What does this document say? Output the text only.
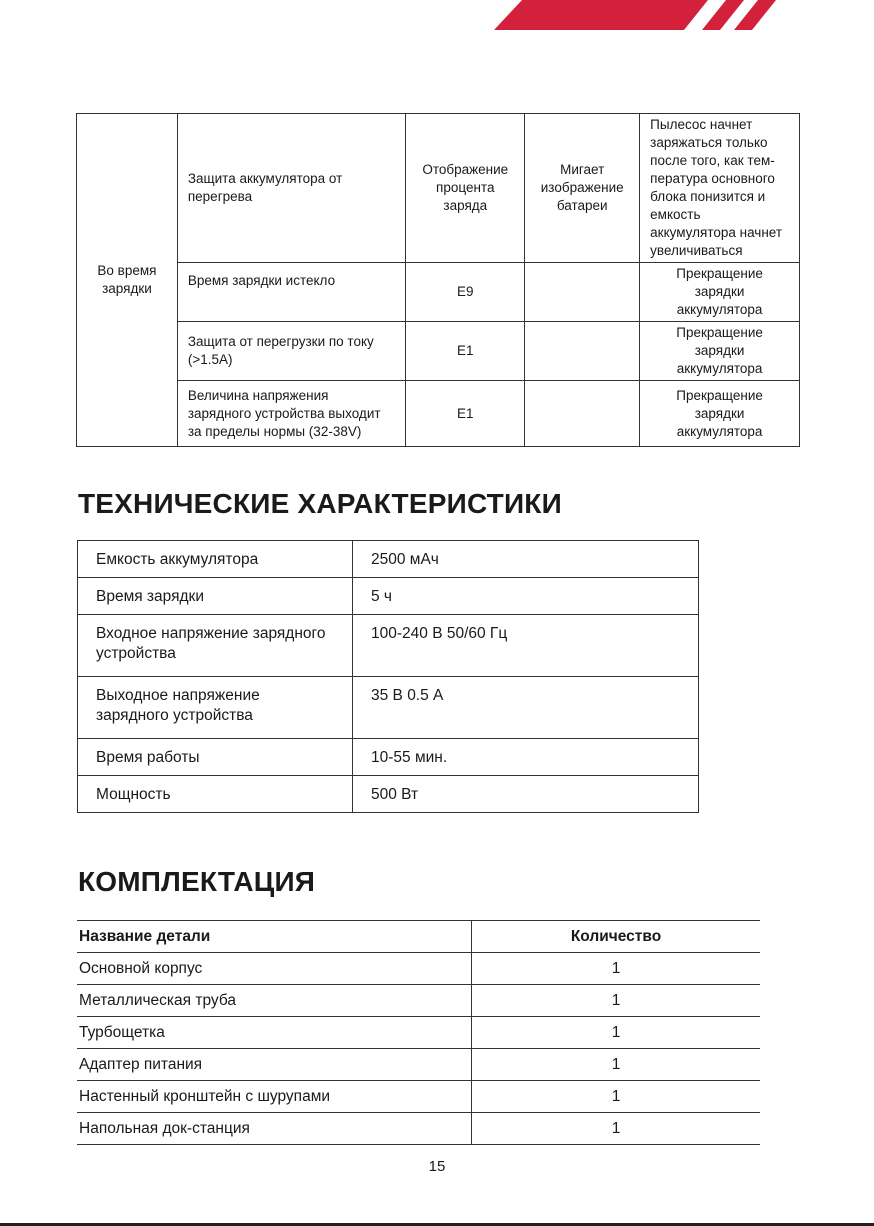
Во время зарядки	Защита аккумулятора от перегрева	Отображение процента заряда	Мигает изображение батареи	Пылесос начнет заряжаться только после того, как тем-пература основного блока понизится и емкость аккумулятора начнет увеличиваться
	Время зарядки истекло	E9		Прекращение зарядки аккумулятора
	Защита от перегрузки по току (>1.5A)	E1		Прекращение зарядки аккумулятора
	Величина напряжения зарядного устройства выходит за пределы нормы (32-38V)	E1		Прекращение зарядки аккумулятора
ТЕХНИЧЕСКИЕ ХАРАКТЕРИСТИКИ
Емкость аккумулятора	2500 мАч
Время зарядки	5 ч
Входное напряжение зарядного устройства	100-240 В 50/60 Гц
Выходное напряжение зарядного устройства	35 В 0.5 А
Время работы	10-55 мин.
Мощность	500 Вт
КОМПЛЕКТАЦИЯ
Название детали	Количество
Основной корпус	1
Металлическая труба	1
Турбощетка	1
Адаптер питания	1
Настенный кронштейн с шурупами	1
Напольная док-станция	1
15
